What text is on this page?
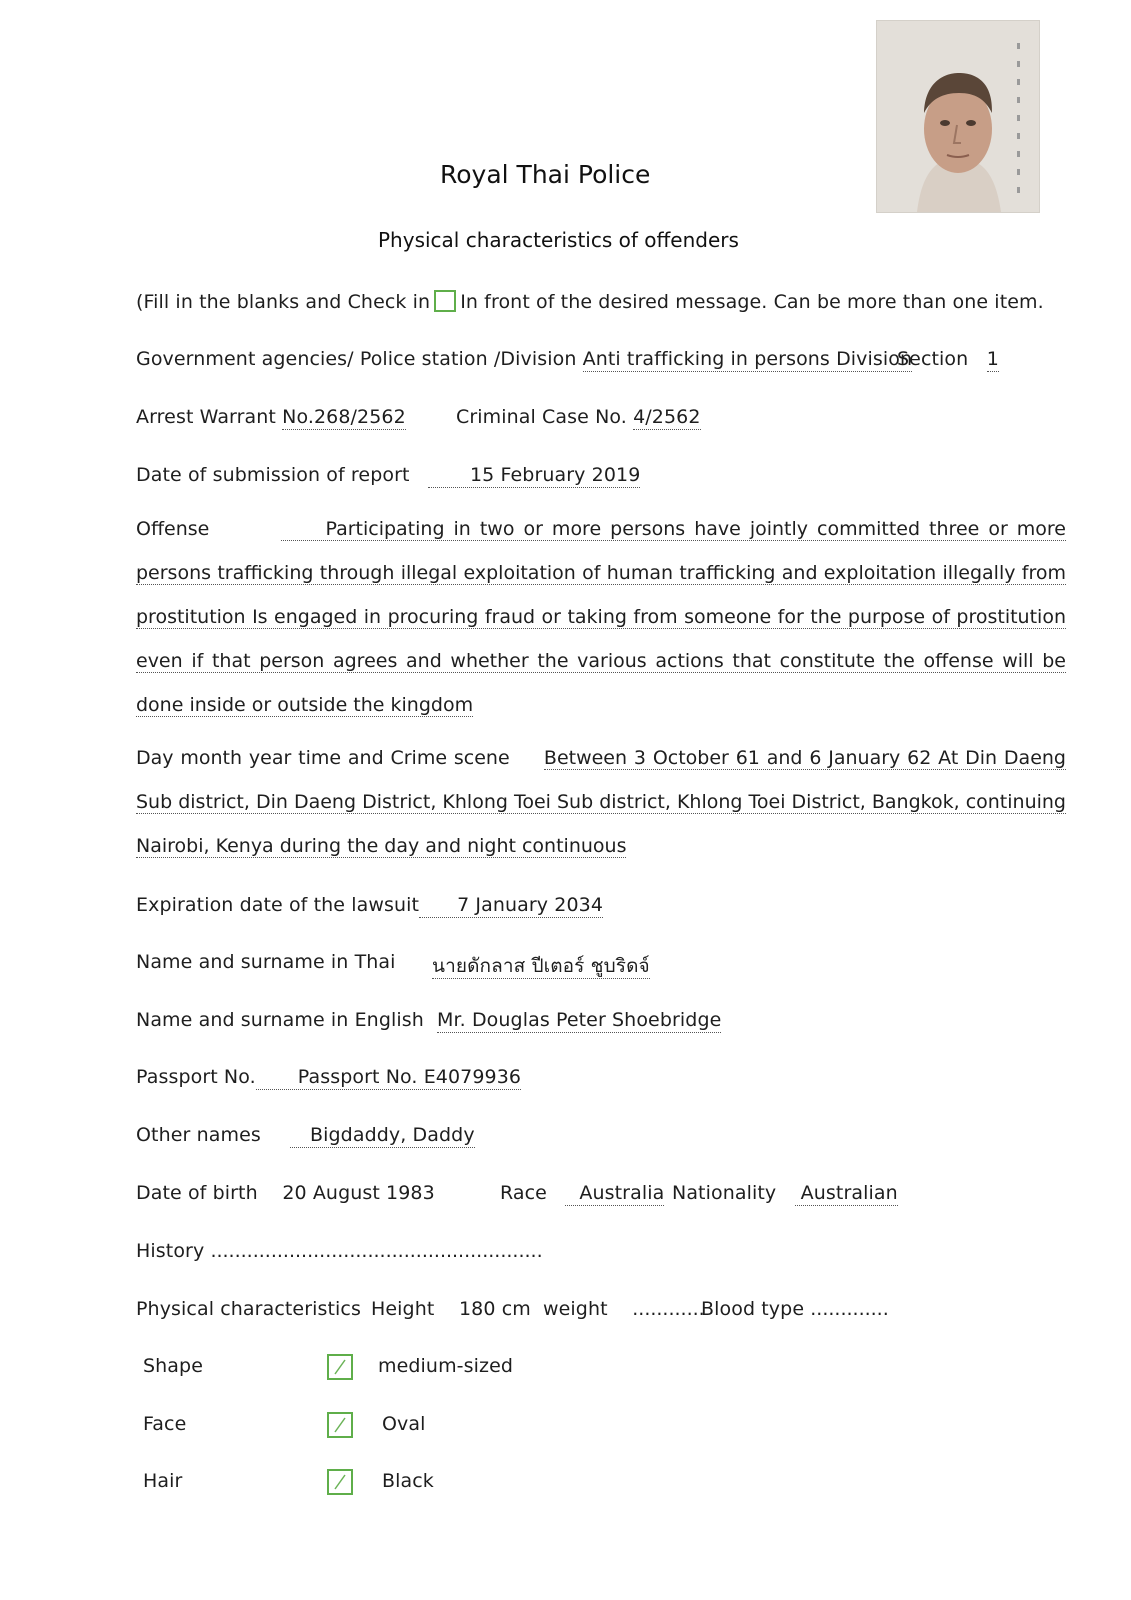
Royal Thai Police
Physical characteristics of offenders
(Fill in the blanks and Check in In front of the desired message. Can be more than one item.
Government agencies/ Police station /Division Anti trafficking in persons Division
Section 1
Arrest Warrant No.268/2562	Criminal Case No. 4/2562
Date of submission of report	15 February 2019
Offense	Participating in two or more persons have jointly committed three or more persons trafficking through illegal exploitation of human trafficking and exploitation illegally from prostitution Is engaged in procuring fraud or taking from someone for the purpose of prostitution even if that person agrees and whether the various actions that constitute the offense will be done inside or outside the kingdom
Day month year time and Crime scene Between 3 October 61 and 6 January 62 At Din Daeng Sub district, Din Daeng District, Khlong Toei Sub district, Khlong Toei District, Bangkok, continuing Nairobi, Kenya during the day and night continuous
Expiration date of the lawsuit 7 January 2034
Name and surname in Thai นายดักลาส ปีเตอร์ ชูบริดจ์
Name and surname in English Mr. Douglas Peter Shoebridge
Passport No. Passport No. E4079936
Other names	Bigdaddy, Daddy
Date of birth 20 August 1983	Race Australia Nationality Australian
History .......................................................
Physical characteristics Height 180 cm weight ............
Blood type .............
Shape	medium-sized
Face	Oval
Hair	Black
